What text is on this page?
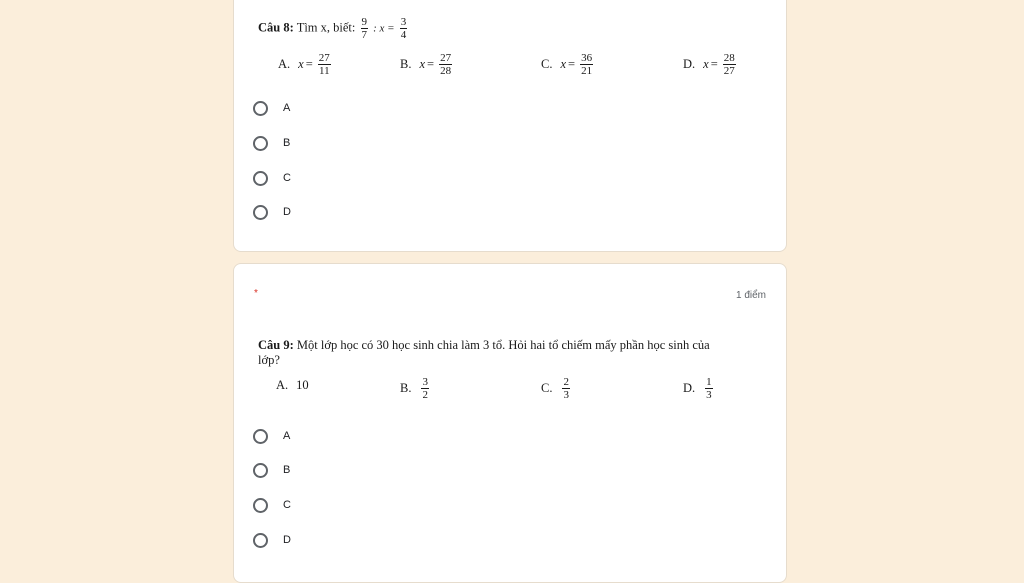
Câu 8: Tìm x, biết: $\frac{9}{7}$ : $x = \frac{3}{4}$
A. $x = \frac{27}{11}$	B. $x = \frac{27}{28}$	C. $x = \frac{36}{21}$	D. $x = \frac{28}{27}$
A
B
C
D
*	1 điểm
Câu 9: Một lớp học có 30 học sinh chia làm 3 tổ. Hỏi hai tổ chiếm mấy phần học sinh của
lớp?
A. 10	B. $\frac{3}{2}$	C. $\frac{2}{3}$	D. $\frac{1}{3}$
A
B
C
D
